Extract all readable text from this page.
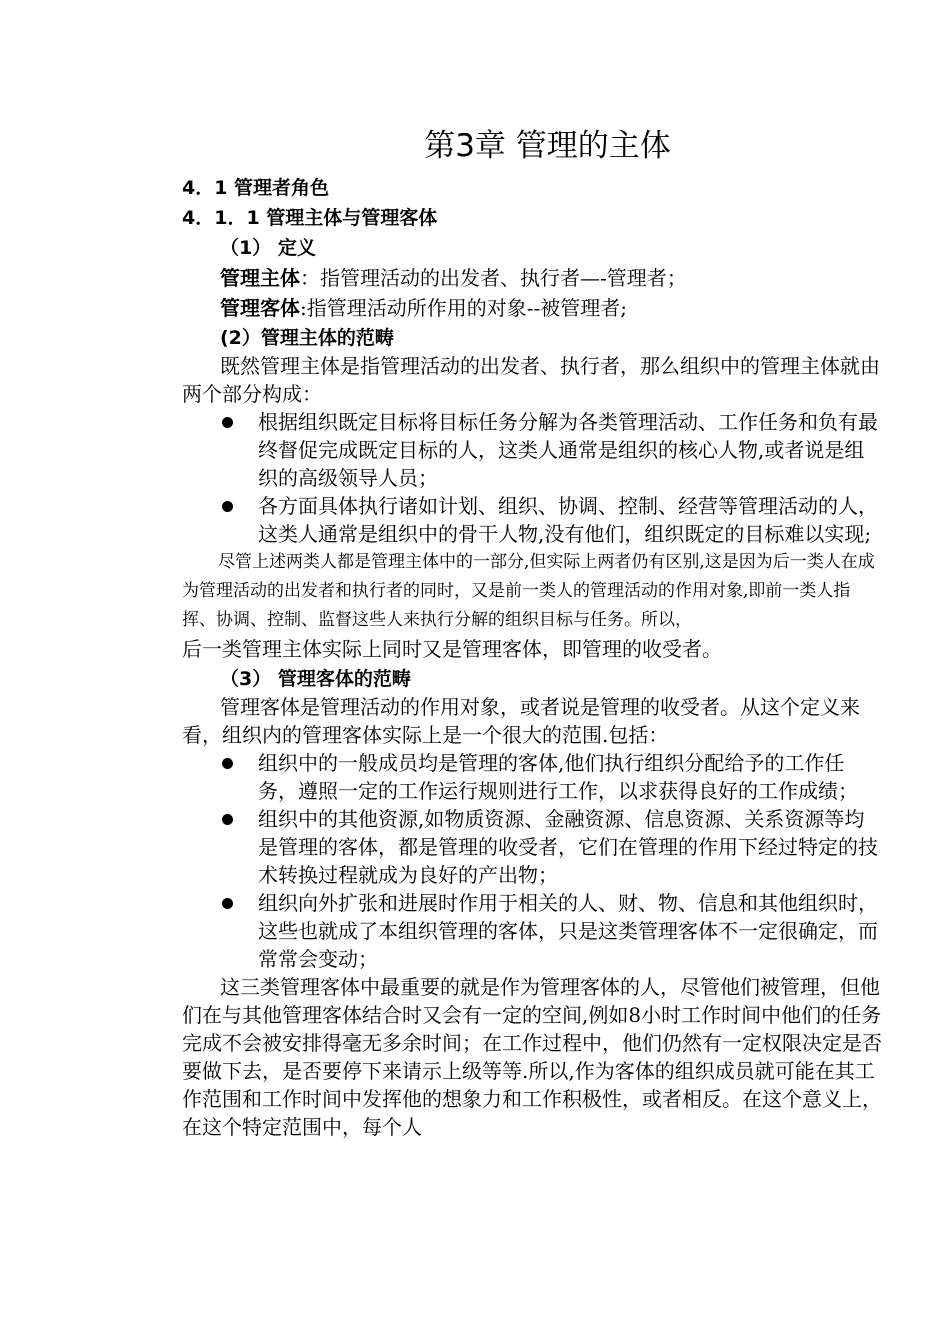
第3章 管理的主体
4．1 管理者角色
4．1．1 管理主体与管理客体
（1） 定义
管理主体：指管理活动的出发者、执行者—-管理者；
管理客体:指管理活动所作用的对象--被管理者;
(2）管理主体的范畴

既然管理主体是指管理活动的出发者、执行者，那么组织中的管理主体就由两个部分构成：

根据组织既定目标将目标任务分解为各类管理活动、工作任务和负有最终督促完成既定目标的人，这类人通常是组织的核心人物,或者说是组织的高级领导人员；
各方面具体执行诸如计划、组织、协调、控制、经营等管理活动的人，这类人通常是组织中的骨干人物,没有他们，组织既定的目标难以实现;

尽管上述两类人都是管理主体中的一部分,但实际上两者仍有区别,这是因为后一类人在成为管理活动的出发者和执行者的同时，又是前一类人的管理活动的作用对象,即前一类人指挥、协调、控制、监督这些人来执行分解的组织目标与任务。所以，

后一类管理主体实际上同时又是管理客体，即管理的收受者。

（3） 管理客体的范畴

管理客体是管理活动的作用对象，或者说是管理的收受者。从这个定义来看，组织内的管理客体实际上是一个很大的范围.包括：

组织中的一般成员均是管理的客体,他们执行组织分配给予的工作任务，遵照一定的工作运行规则进行工作，以求获得良好的工作成绩；
组织中的其他资源,如物质资源、金融资源、信息资源、关系资源等均是管理的客体，都是管理的收受者，它们在管理的作用下经过特定的技术转换过程就成为良好的产出物；
组织向外扩张和进展时作用于相关的人、财、物、信息和其他组织时，这些也就成了本组织管理的客体，只是这类管理客体不一定很确定，而常常会变动；

这三类管理客体中最重要的就是作为管理客体的人，尽管他们被管理，但他们在与其他管理客体结合时又会有一定的空间,例如8小时工作时间中他们的任务完成不会被安排得毫无多余时间；在工作过程中，他们仍然有一定权限决定是否要做下去，是否要停下来请示上级等等.所以,作为客体的组织成员就可能在其工作范围和工作时间中发挥他的想象力和工作积极性，或者相反。在这个意义上，在这个特定范围中，每个人
